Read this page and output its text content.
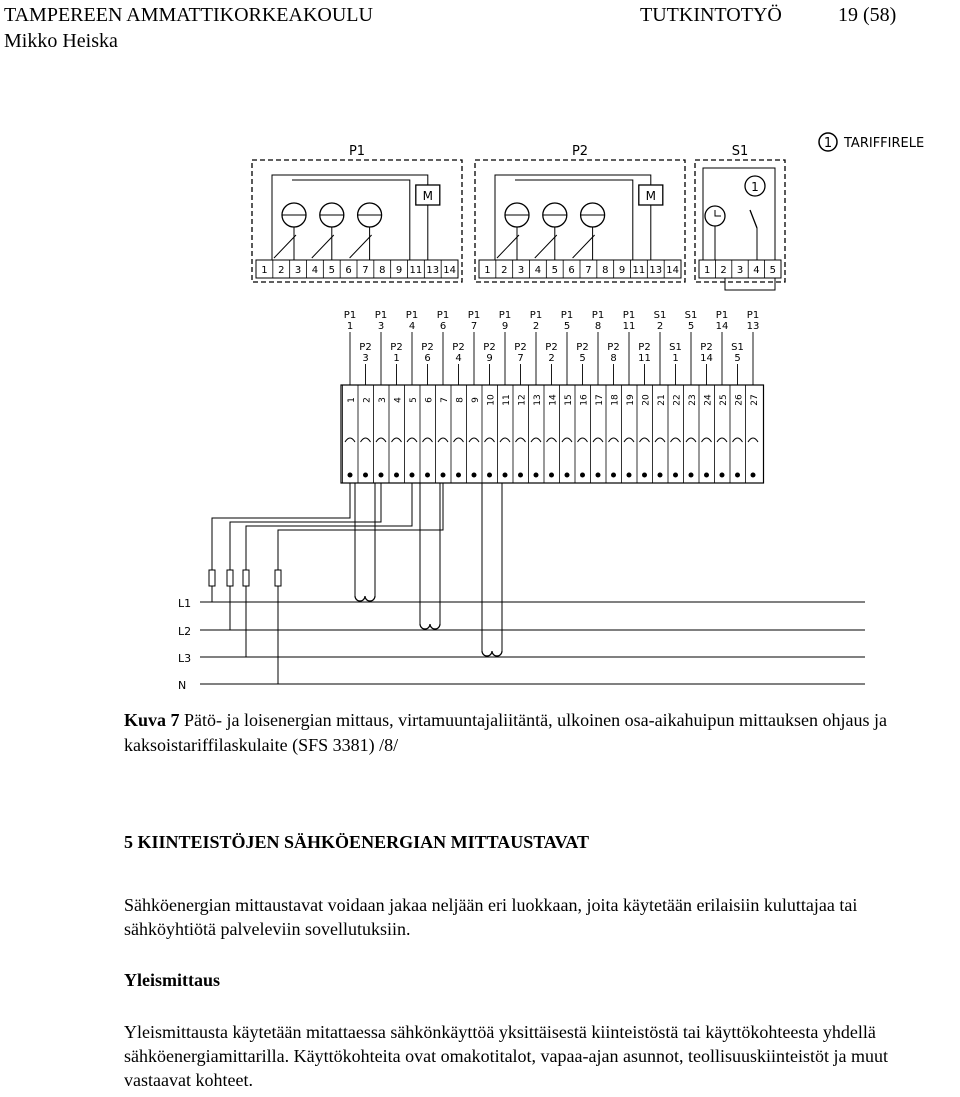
TAMPEREEN AMMATTIKORKEAKOULU	TUTKINTOTYÖ	19 (58)
Mikko Heiska
1 TARIFFIRELE
P1
1 2 3 4 5 6 7 8 9 11 13 14
M
P2
1 2 3 4 5 6 7 8 9 11 13 14
M
S1
1 2 3 4 5
1
P1
1
P2
3
P1
3
P2
1
P1
4
P2
6
P1
6
P2
4
P1
7
P2
9
P1
9
P2
7
P1
2
P2
2
P1
5
P2
5
P1
8
P2
8
P1
11
P2
11
S1
2
S1
1
S1
5
P2
14
P1
14
S1
5
P1
13
1 2 3 4 5 6 7 8 9 10 11 12 13 14 15 16 17 18 19 20 21 22 23 24 25 26 27
L1
L2
L3
N
Kuva 7 Pätö- ja loisenergian mittaus, virtamuuntajaliitäntä, ulkoinen osa-aikahuipun mittauksen ohjaus ja kaksoistariffilaskulaite (SFS 3381) /8/
5 KIINTEISTÖJEN SÄHKÖENERGIAN MITTAUSTAVAT
Sähköenergian mittaustavat voidaan jakaa neljään eri luokkaan, joita käytetään erilaisiin kuluttajaa tai sähköyhtiötä palveleviin sovellutuksiin.
Yleismittaus
Yleismittausta käytetään mitattaessa sähkönkäyttöä yksittäisestä kiinteistöstä tai käyttökohteesta yhdellä sähköenergiamittarilla. Käyttökohteita ovat omakotitalot, vapaa-ajan asunnot, teollisuuskiinteistöt ja muut vastaavat kohteet.
